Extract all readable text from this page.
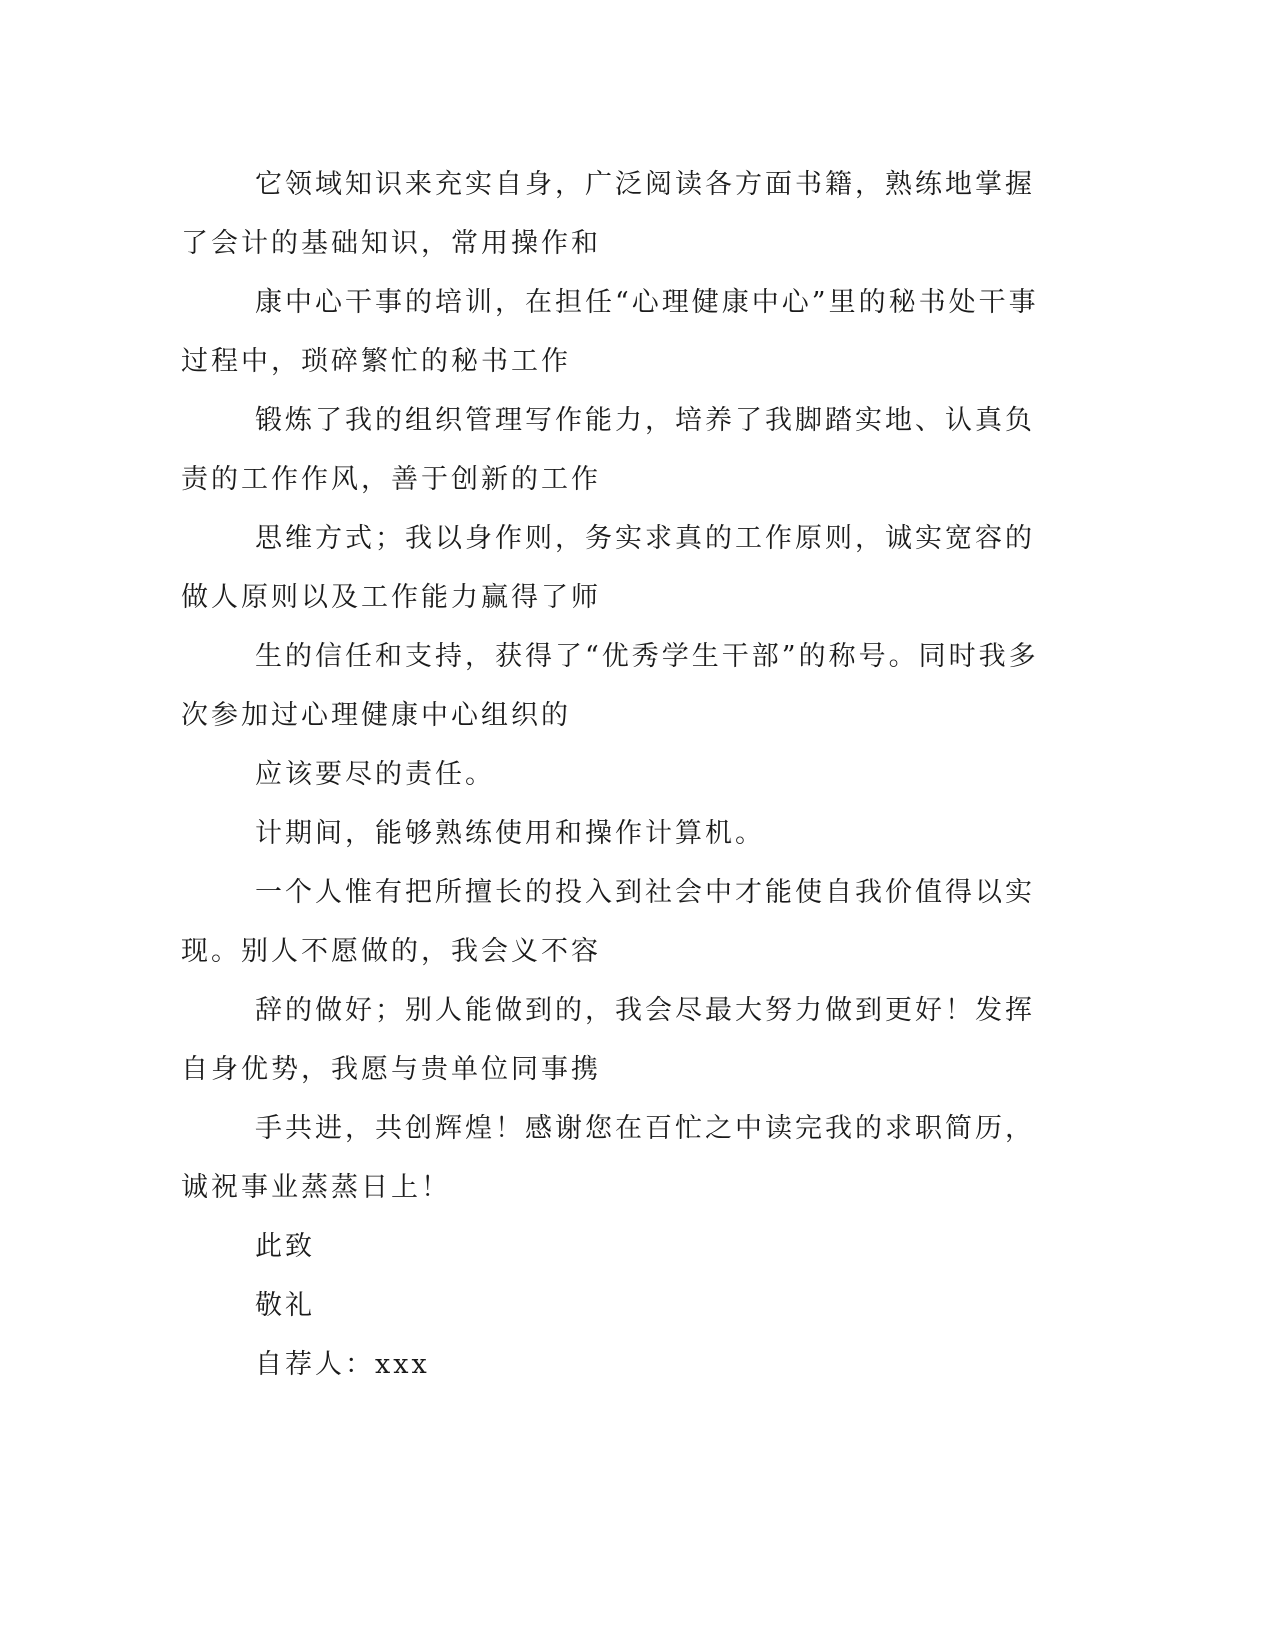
它领域知识来充实自身，广泛阅读各方面书籍，熟练地掌握了会计的基础知识，常用操作和

康中心干事的培训，在担任“心理健康中心”里的秘书处干事过程中，琐碎繁忙的秘书工作

锻炼了我的组织管理写作能力，培养了我脚踏实地、认真负责的工作作风，善于创新的工作

思维方式；我以身作则，务实求真的工作原则，诚实宽容的做人原则以及工作能力赢得了师

生的信任和支持，获得了“优秀学生干部”的称号。同时我多次参加过心理健康中心组织的

应该要尽的责任。

计期间，能够熟练使用和操作计算机。

一个人惟有把所擅长的投入到社会中才能使自我价值得以实现。别人不愿做的，我会义不容

辞的做好；别人能做到的，我会尽最大努力做到更好！发挥自身优势，我愿与贵单位同事携

手共进，共创辉煌！感谢您在百忙之中读完我的求职简历，诚祝事业蒸蒸日上！

此致

敬礼

自荐人：xxx
